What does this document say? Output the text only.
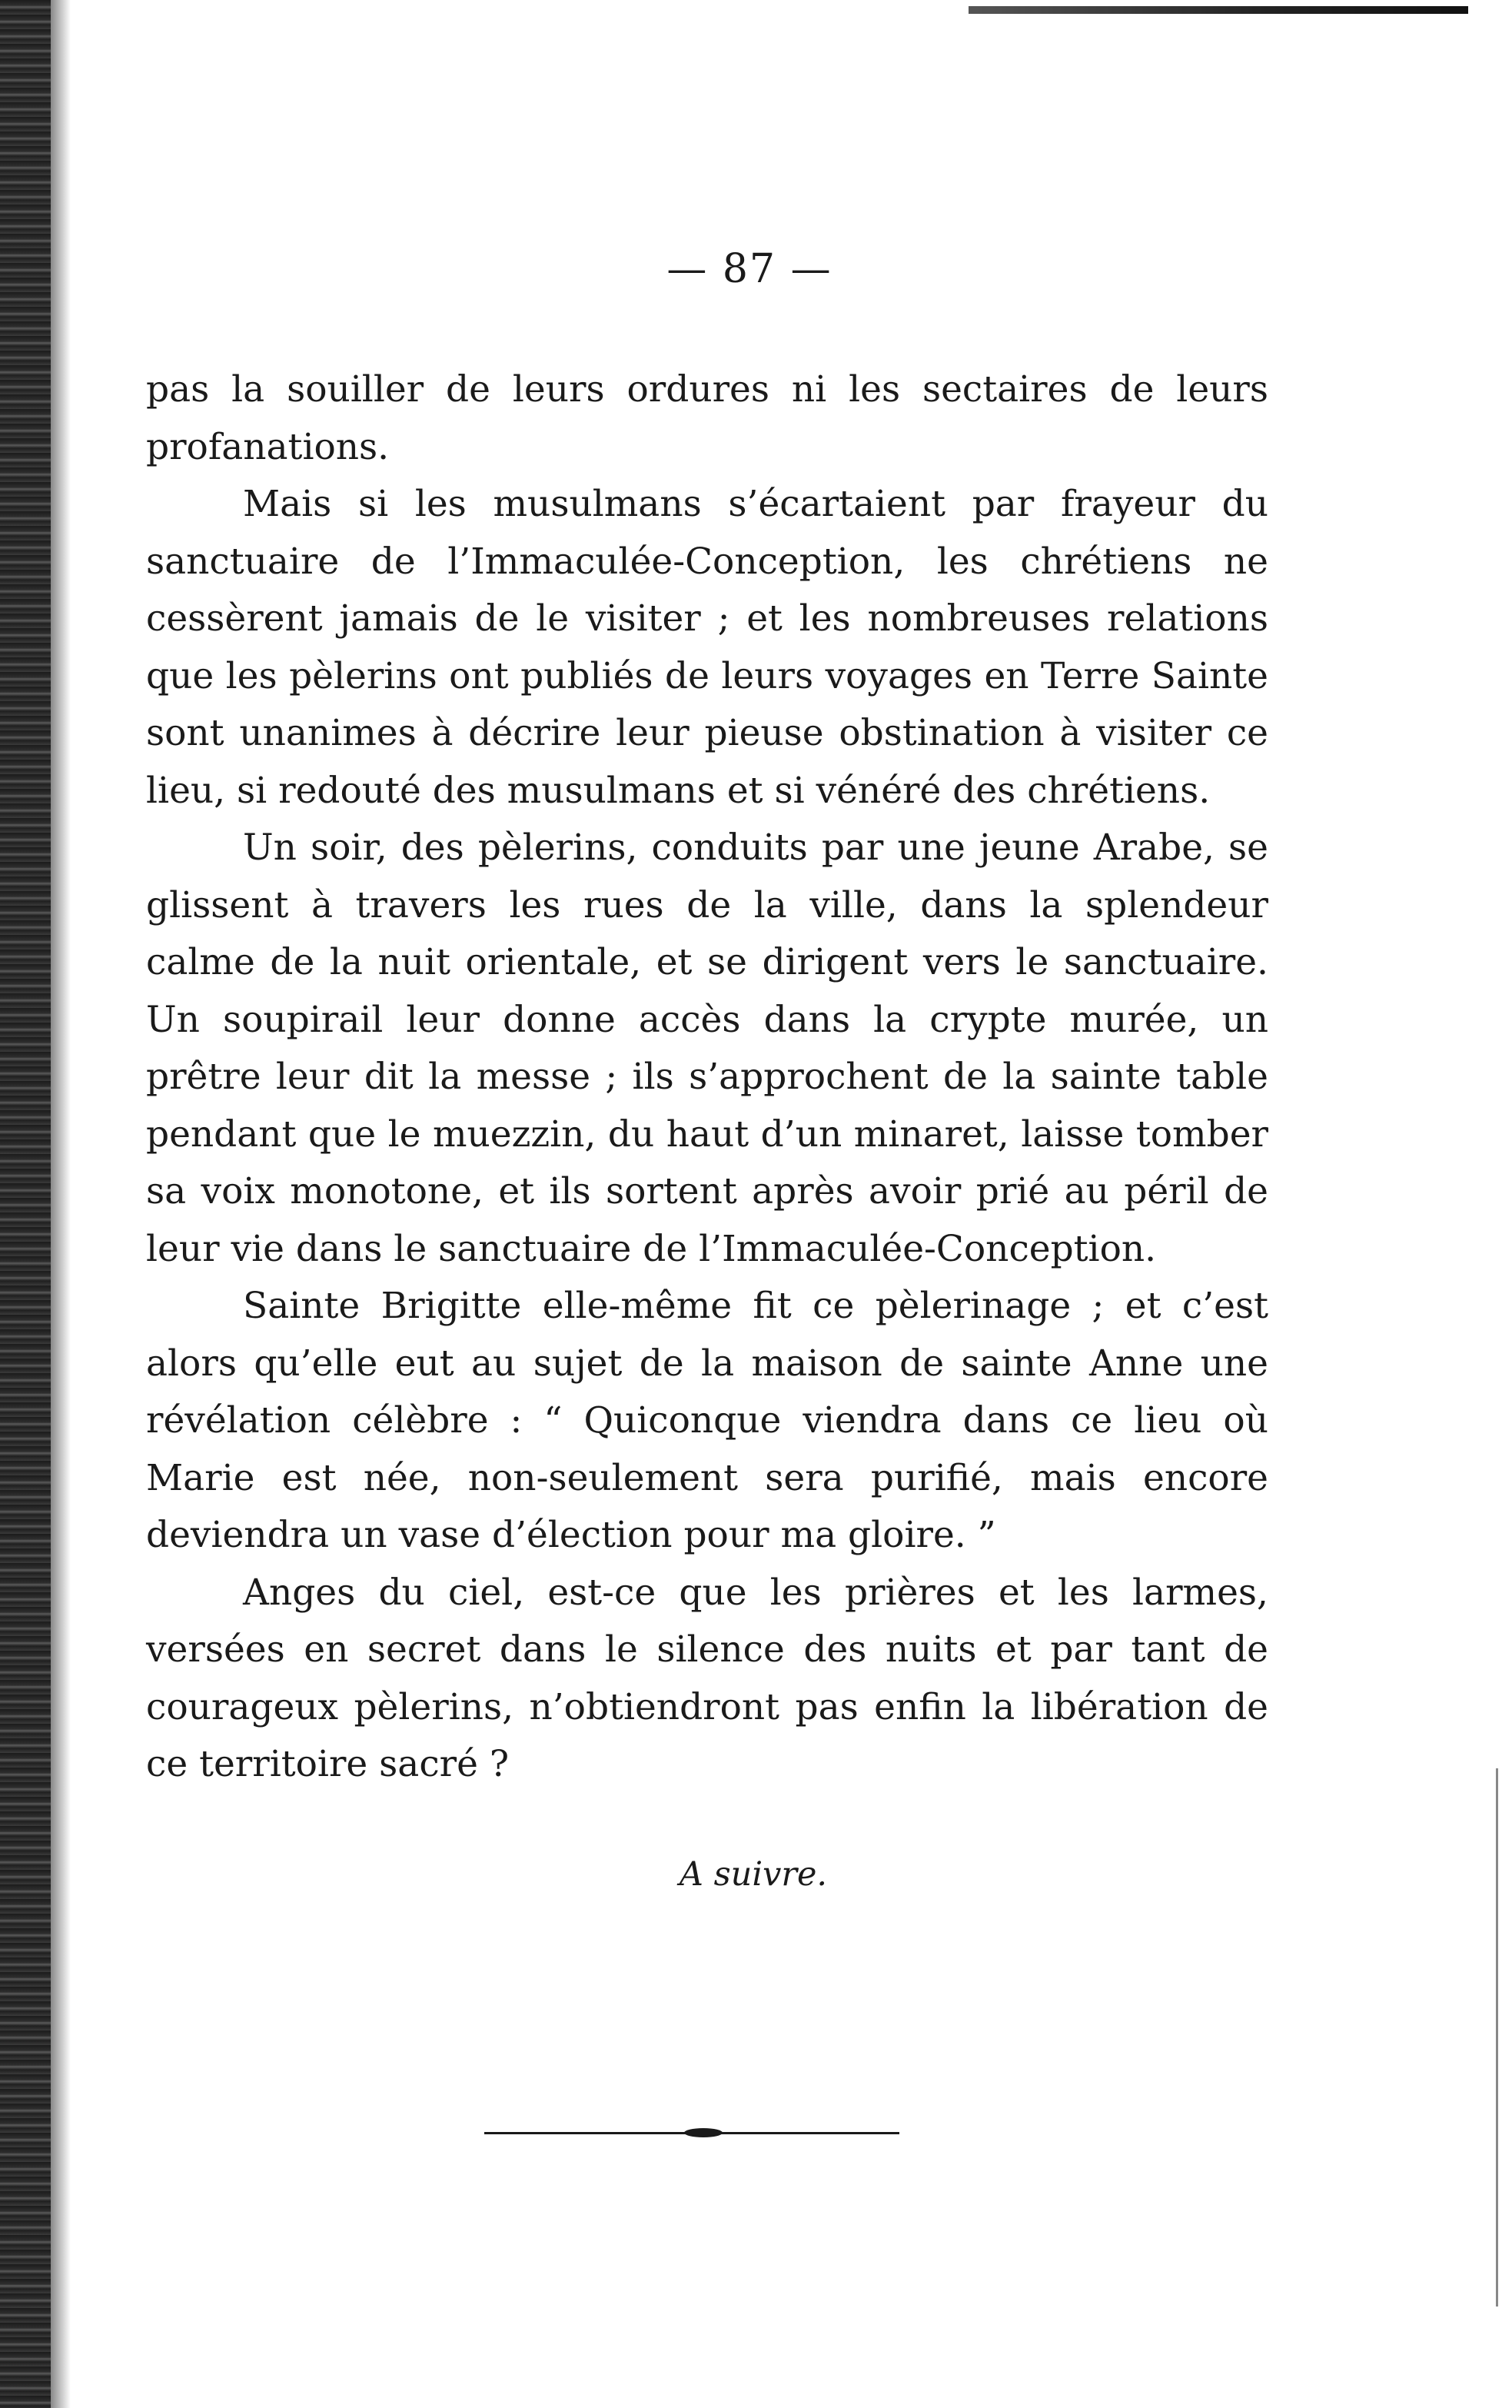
— 87 —

pas la souiller de leurs ordures ni les sectaires de leurs profanations.

Mais si les musulmans s’écartaient par frayeur du sanctuaire de l’Immaculée-Conception, les chrétiens ne cessèrent jamais de le visiter ; et les nombreuses relations que les pèlerins ont publiés de leurs voyages en Terre Sainte sont unanimes à décrire leur pieuse obstination à visiter ce lieu, si redouté des musulmans et si vénéré des chrétiens.

Un soir, des pèlerins, conduits par une jeune Arabe, se glissent à travers les rues de la ville, dans la splendeur calme de la nuit orientale, et se dirigent vers le sanctuaire. Un soupirail leur donne accès dans la crypte murée, un prêtre leur dit la messe ; ils s’approchent de la sainte table pendant que le muezzin, du haut d’un minaret, laisse tomber sa voix monotone, et ils sortent après avoir prié au péril de leur vie dans le sanctuaire de l’Immaculée-Conception.

Sainte Brigitte elle-même fit ce pèlerinage ; et c’est alors qu’elle eut au sujet de la maison de sainte Anne une révélation célèbre : “ Quiconque viendra dans ce lieu où Marie est née, non-seulement sera purifié, mais encore deviendra un vase d’élection pour ma gloire. ”

Anges du ciel, est-ce que les prières et les larmes, versées en secret dans le silence des nuits et par tant de courageux pèlerins, n’obtiendront pas enfin la libération de ce territoire sacré ?

A suivre.
